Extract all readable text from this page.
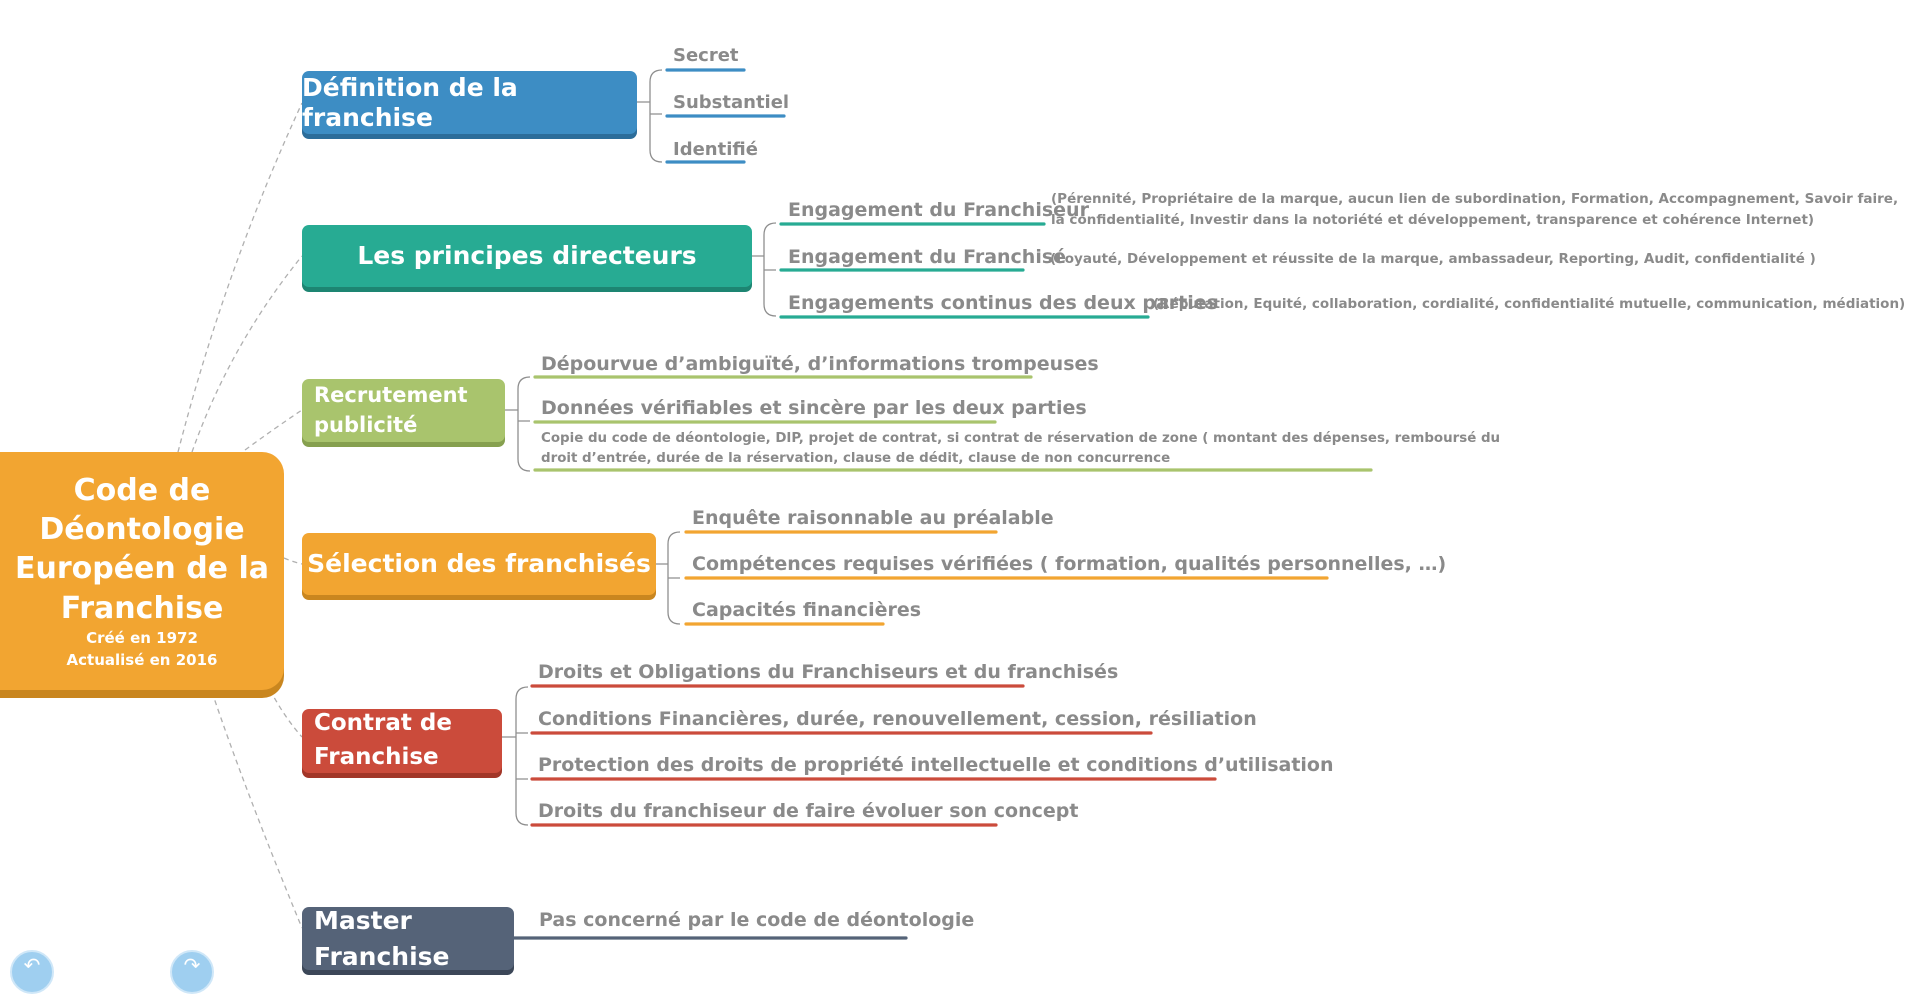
Code de
Déontologie
Européen de la
Franchise
Créé en 1972
Actualisé en 2016
Définition de la franchise
Les principes directeurs
Recrutement
publicité
Sélection des franchisés
Contrat de
Franchise
Master
Franchise
Secret
Substantiel
Identifié
Engagement du Franchiseur
Engagement du Franchisé
Engagements continus des deux parties
(Pérennité, Propriétaire de la marque, aucun lien de subordination, Formation, Accompagnement, Savoir faire,
la confidentialité, Investir dans la notoriété et développement, transparence et cohérence Internet)
(Loyauté, Développement et réussite de la marque, ambassadeur, Reporting, Audit, confidentialité )
(Réputation, Equité, collaboration, cordialité, confidentialité mutuelle, communication, médiation)
Dépourvue d’ambiguïté, d’informations trompeuses
Données vérifiables et sincère par les deux parties
Copie du code de déontologie, DIP, projet de contrat, si contrat de réservation de zone ( montant des dépenses, remboursé du
droit d’entrée, durée de la réservation, clause de dédit, clause de non concurrence
Enquête raisonnable au préalable
Compétences requises vérifiées ( formation, qualités personnelles, …)
Capacités financières
Droits et Obligations du Franchiseurs et du franchisés
Conditions Financières, durée, renouvellement, cession, résiliation
Protection des droits de propriété intellectuelle et conditions d’utilisation
Droits du franchiseur de faire évoluer son concept
Pas concerné par le code de déontologie
↶	↷
